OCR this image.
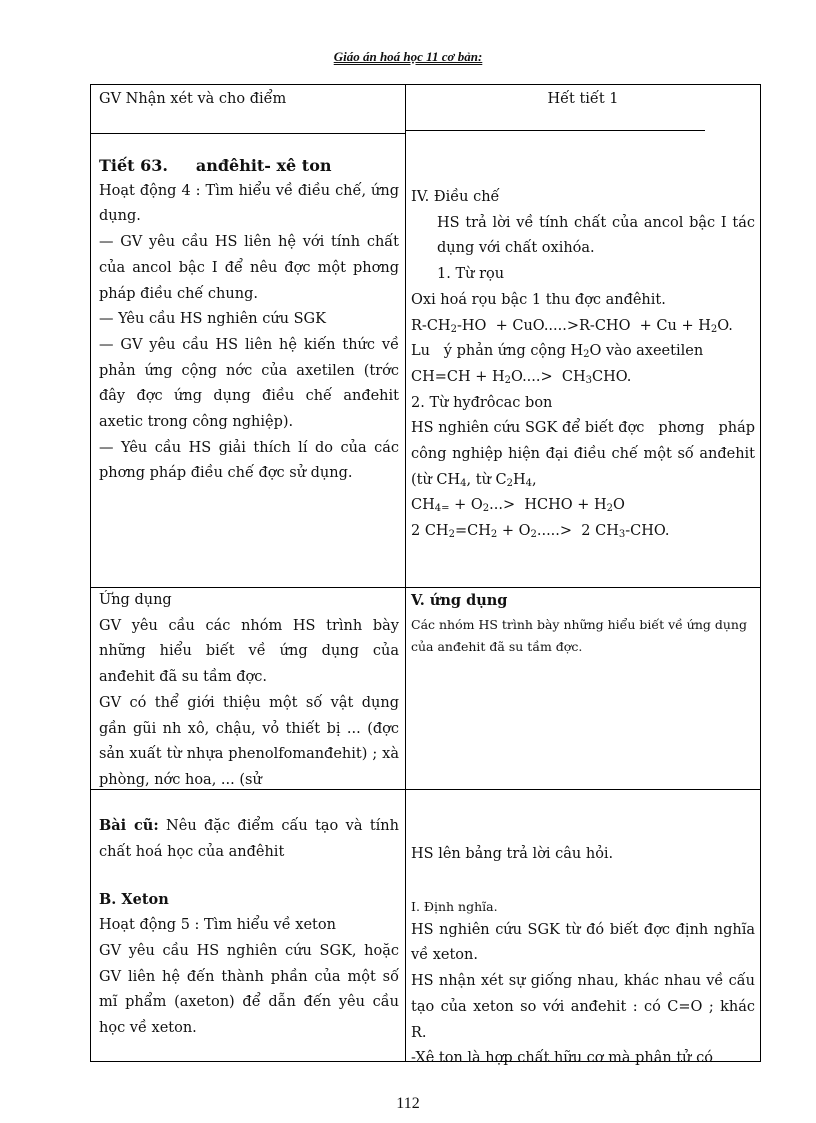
Giáo án hoá học 11 cơ bản:

GV Nhận xét và cho điểm	Hết tiết 1

Tiết 63. anđêhit- xê ton

Hoạt động 4 : Tìm hiểu về điều chế, ứng dụng.

— GV yêu cầu HS liên hệ với tính chất của ancol bậc I để nêu đợc một phơng pháp điều chế chung.

— Yêu cầu HS nghiên cứu SGK

— GV yêu cầu HS liên hệ kiến thức về phản ứng cộng nớc của axetilen (trớc đây đợc ứng dụng điều chế anđehit axetic trong công nghiệp).

— Yêu cầu HS giải thích lí do của các phơng pháp điều chế đợc sử dụng.

IV. Điều chế

HS trả lời về tính chất của ancol bậc I tác dụng với chất oxihóa.

1. Từ rọu

Oxi hoá rọu bậc 1 thu đợc anđêhit.

$R-CH_2-HO + CuO.....>R-CHO + Cu + H_2O$.

Lu   ý phản ứng cộng $H_2O$ vào axeetilen

$CH=CH + H_2O....> CH_3CHO$.

2. Từ hyđrôcac bon

HS nghiên cứu SGK để biết đợc   phơng   pháp công nghiệp hiện đại điều chế một số anđehit (từ $CH_4$, từ $C_2H_4$,

$CH_{4=} + O_2...>$  HCHO + $H_2O$

2 $CH_2=CH_2 + O_2.....> 2$ $CH_3$-CHO.

Ứng dụng

GV yêu cầu các nhóm HS trình bày những hiểu biết về ứng dụng của anđehit đã su tầm đợc.

GV có thể giới thiệu một số vật dụng gần gũi nh xô, chậu, vỏ thiết bị ... (đợc sản xuất từ nhựa phenolfomanđehit) ; xà phòng, nớc hoa, ... (sử

V. ứng dụng

Các nhóm HS trình bày những hiểu biết về ứng dụng của anđehit đã su tầm đợc.

Bài cũ: Nêu đặc điểm cấu tạo và tính chất hoá học của anđêhit

B. Xeton

Hoạt động 5 : Tìm hiểu về xeton

GV yêu cầu HS nghiên cứu SGK, hoặc GV liên hệ đến thành phần của một số mĩ phẩm (axeton) để dẫn đến yêu cầu học về xeton.

HS lên bảng trả lời câu hỏi.

I. Định nghĩa.

HS nghiên cứu SGK từ đó biết đợc định nghĩa về xeton.

HS nhận xét sự giống nhau, khác nhau về cấu tạo của xeton so với anđehit : có C=O ; khác R.

-Xê ton là hợp chất hữu cơ mà phân tử có

112
